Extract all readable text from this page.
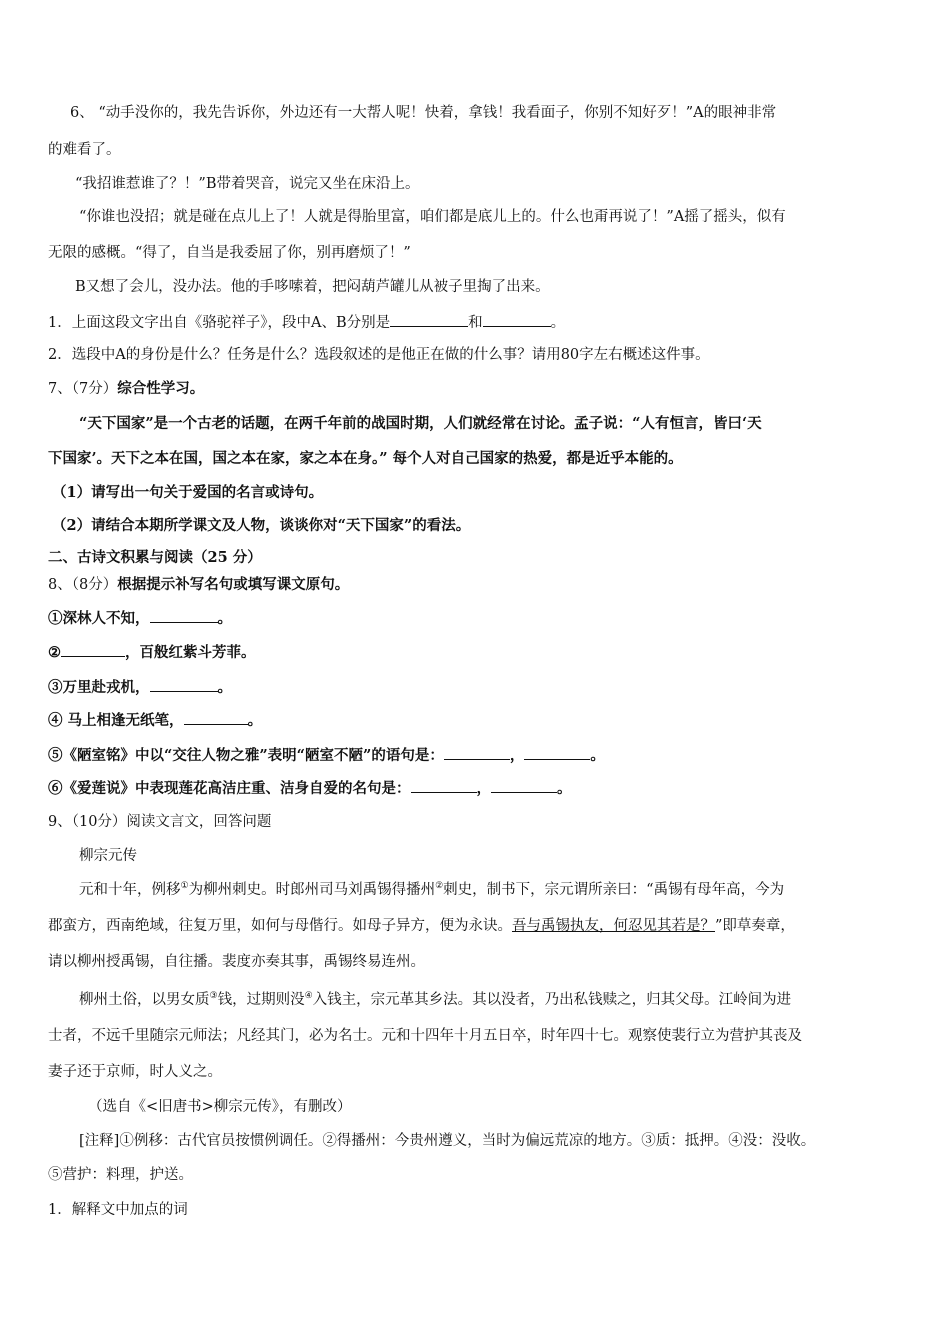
6、 “动手没你的，我先告诉你，外边还有一大帮人呢！快着，拿钱！我看面子，你别不知好歹！”A的眼神非常
的难看了。
“我招谁惹谁了？！”B带着哭音，说完又坐在床沿上。
“你谁也没招；就是碰在点儿上了！人就是得胎里富，咱们都是底儿上的。什么也甭再说了！”A摇了摇头，似有
无限的感概。“得了，自当是我委屈了你，别再磨烦了！”
B又想了会儿，没办法。他的手哆嗦着，把闷葫芦罐儿从被子里掏了出来。
1．上面这段文字出自《骆驼祥子》，段中A、B分别是	和	。
2．选段中A的身份是什么？任务是什么？选段叙述的是他正在做的什么事？请用80字左右概述这件事。
7、（7分）综合性学习。
“天下国家”是一个古老的话题，在两千年前的战国时期，人们就经常在讨论。孟子说：“人有恒言，皆曰‘天
下国家’。天下之本在国，国之本在家，家之本在身。” 每个人对自己国家的热爱，都是近乎本能的。
（1）请写出一句关于爱国的名言或诗句。
（2）请结合本期所学课文及人物，谈谈你对“天下国家”的看法。
二、古诗文积累与阅读（25 分）
8、（8分）根据提示补写名句或填写课文原句。
①深林人不知，	。
②	，百般红紫斗芳菲。
③万里赴戎机，	。
④ 马上相逢无纸笔，	。
⑤《陋室铭》中以“交往人物之雅”表明“陋室不陋”的语句是：	，	。
⑥《爱莲说》中表现莲花高洁庄重、洁身自爱的名句是：	，	。
9、（10分）阅读文言文，回答问题
柳宗元传
元和十年，例移①为柳州刺史。时郎州司马刘禹锡得播州②刺史，制书下，宗元谓所亲曰：“禹锡有母年高，今为
郡蛮方，西南绝域，往复万里，如何与母偕行。如母子异方，便为永诀。吾与禹锡执友，何忍见其若是？”即草奏章，
请以柳州授禹锡，自往播。裴度亦奏其事，禹锡终易连州。
柳州土俗，以男女质③钱，过期则没④入钱主，宗元革其乡法。其以没者，乃出私钱赎之，归其父母。江岭间为进
士者，不远千里随宗元师法；凡经其门，必为名士。元和十四年十月五日卒，时年四十七。观察使裴行立为营护其丧及
妻子还于京师，时人义之。
（选自《<旧唐书>柳宗元传》，有删改）
[注释]①例移：古代官员按惯例调任。②得播州：今贵州遵义，当时为偏远荒凉的地方。③质：抵押。④没：没收。
⑤营护：料理，护送。
1．解释文中加点的词
